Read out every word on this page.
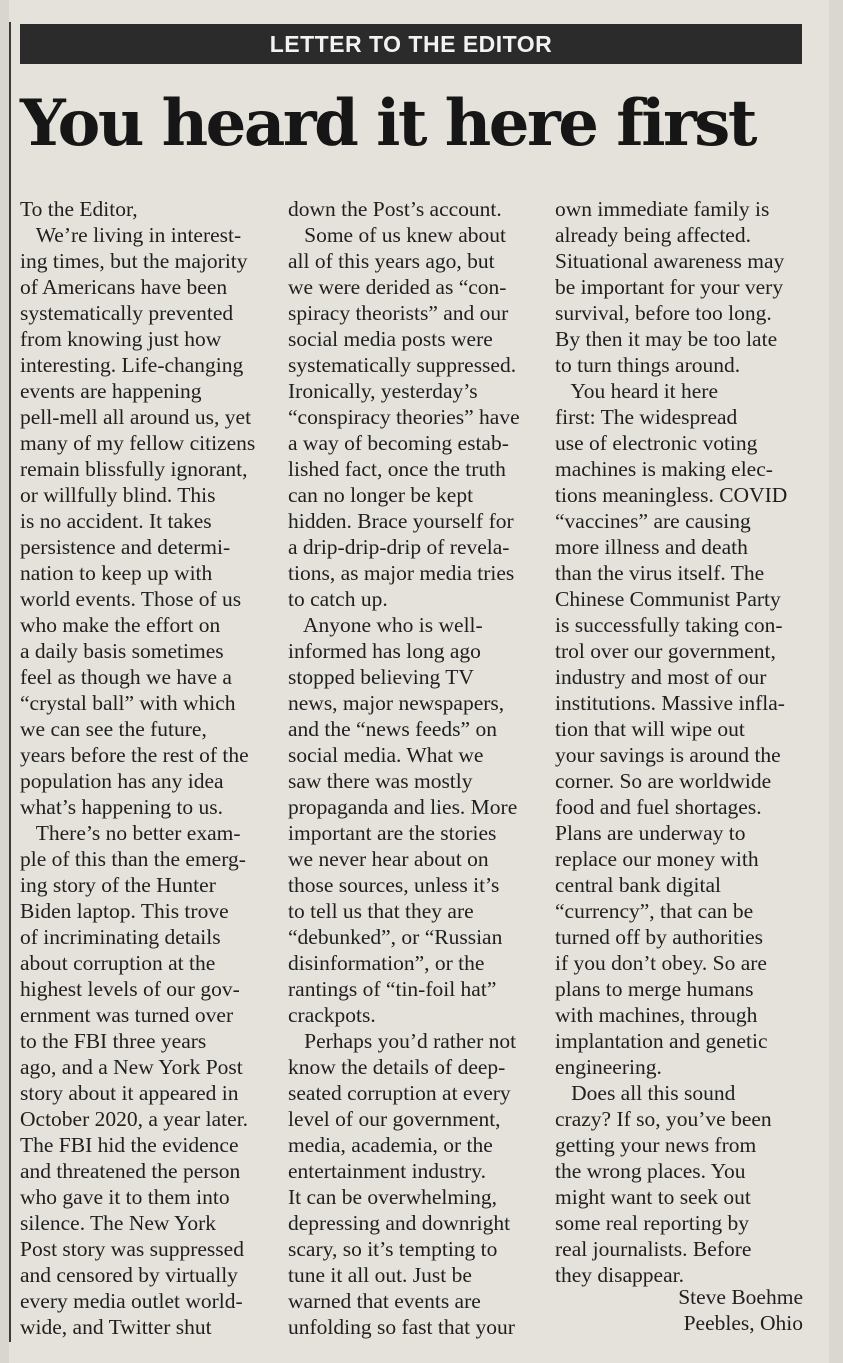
LETTER TO THE EDITOR
You heard it here first
To the Editor,
We’re living in interest-
ing times, but the majority
of Americans have been
systematically prevented
from knowing just how
interesting. Life-changing
events are happening
pell-mell all around us, yet
many of my fellow citizens
remain blissfully ignorant,
or willfully blind. This
is no accident. It takes
persistence and determi-
nation to keep up with
world events. Those of us
who make the effort on
a daily basis sometimes
feel as though we have a
“crystal ball” with which
we can see the future,
years before the rest of the
population has any idea
what’s happening to us.
There’s no better exam-
ple of this than the emerg-
ing story of the Hunter
Biden laptop. This trove
of incriminating details
about corruption at the
highest levels of our gov-
ernment was turned over
to the FBI three years
ago, and a New York Post
story about it appeared in
October 2020, a year later.
The FBI hid the evidence
and threatened the person
who gave it to them into
silence. The New York
Post story was suppressed
and censored by virtually
every media outlet world-
wide, and Twitter shut
down the Post’s account.
Some of us knew about
all of this years ago, but
we were derided as “con-
spiracy theorists” and our
social media posts were
systematically suppressed.
Ironically, yesterday’s
“conspiracy theories” have
a way of becoming estab-
lished fact, once the truth
can no longer be kept
hidden. Brace yourself for
a drip-drip-drip of revela-
tions, as major media tries
to catch up.
Anyone who is well-
informed has long ago
stopped believing TV
news, major newspapers,
and the “news feeds” on
social media. What we
saw there was mostly
propaganda and lies. More
important are the stories
we never hear about on
those sources, unless it’s
to tell us that they are
“debunked”, or “Russian
disinformation”, or the
rantings of “tin-foil hat”
crackpots.
Perhaps you’d rather not
know the details of deep-
seated corruption at every
level of our government,
media, academia, or the
entertainment industry.
It can be overwhelming,
depressing and downright
scary, so it’s tempting to
tune it all out. Just be
warned that events are
unfolding so fast that your
own immediate family is
already being affected.
Situational awareness may
be important for your very
survival, before too long.
By then it may be too late
to turn things around.
You heard it here
first: The widespread
use of electronic voting
machines is making elec-
tions meaningless. COVID
“vaccines” are causing
more illness and death
than the virus itself. The
Chinese Communist Party
is successfully taking con-
trol over our government,
industry and most of our
institutions. Massive infla-
tion that will wipe out
your savings is around the
corner. So are worldwide
food and fuel shortages.
Plans are underway to
replace our money with
central bank digital
“currency”, that can be
turned off by authorities
if you don’t obey. So are
plans to merge humans
with machines, through
implantation and genetic
engineering.
Does all this sound
crazy? If so, you’ve been
getting your news from
the wrong places. You
might want to seek out
some real reporting by
real journalists. Before
they disappear.
Steve Boehme
Peebles, Ohio
